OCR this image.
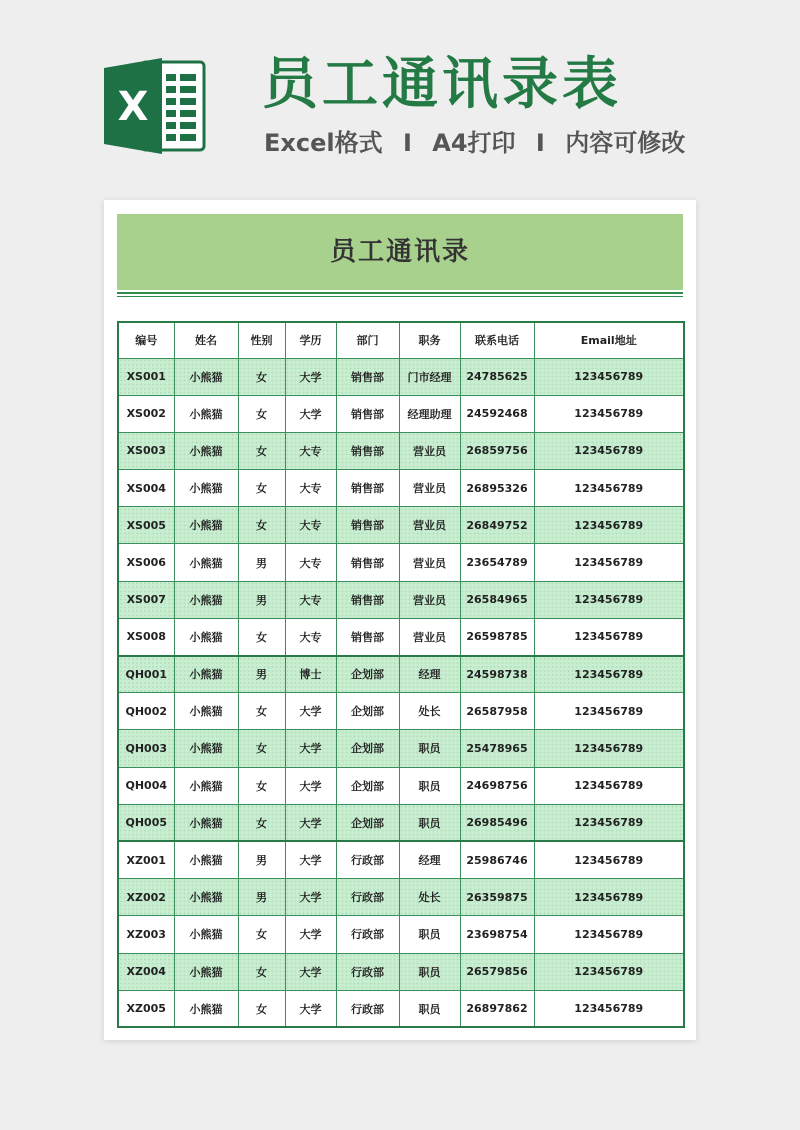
X 员工通讯录表
Excel格式 I A4打印 I 内容可修改
员工通讯录
编号	姓名	性别	学历	部门	职务	联系电话	Email地址
XS001	小熊猫	女	大学	销售部	门市经理	24785625	123456789
XS002	小熊猫	女	大学	销售部	经理助理	24592468	123456789
XS003	小熊猫	女	大专	销售部	营业员	26859756	123456789
XS004	小熊猫	女	大专	销售部	营业员	26895326	123456789
XS005	小熊猫	女	大专	销售部	营业员	26849752	123456789
XS006	小熊猫	男	大专	销售部	营业员	23654789	123456789
XS007	小熊猫	男	大专	销售部	营业员	26584965	123456789
XS008	小熊猫	女	大专	销售部	营业员	26598785	123456789
QH001	小熊猫	男	博士	企划部	经理	24598738	123456789
QH002	小熊猫	女	大学	企划部	处长	26587958	123456789
QH003	小熊猫	女	大学	企划部	职员	25478965	123456789
QH004	小熊猫	女	大学	企划部	职员	24698756	123456789
QH005	小熊猫	女	大学	企划部	职员	26985496	123456789
XZ001	小熊猫	男	大学	行政部	经理	25986746	123456789
XZ002	小熊猫	男	大学	行政部	处长	26359875	123456789
XZ003	小熊猫	女	大学	行政部	职员	23698754	123456789
XZ004	小熊猫	女	大学	行政部	职员	26579856	123456789
XZ005	小熊猫	女	大学	行政部	职员	26897862	123456789
